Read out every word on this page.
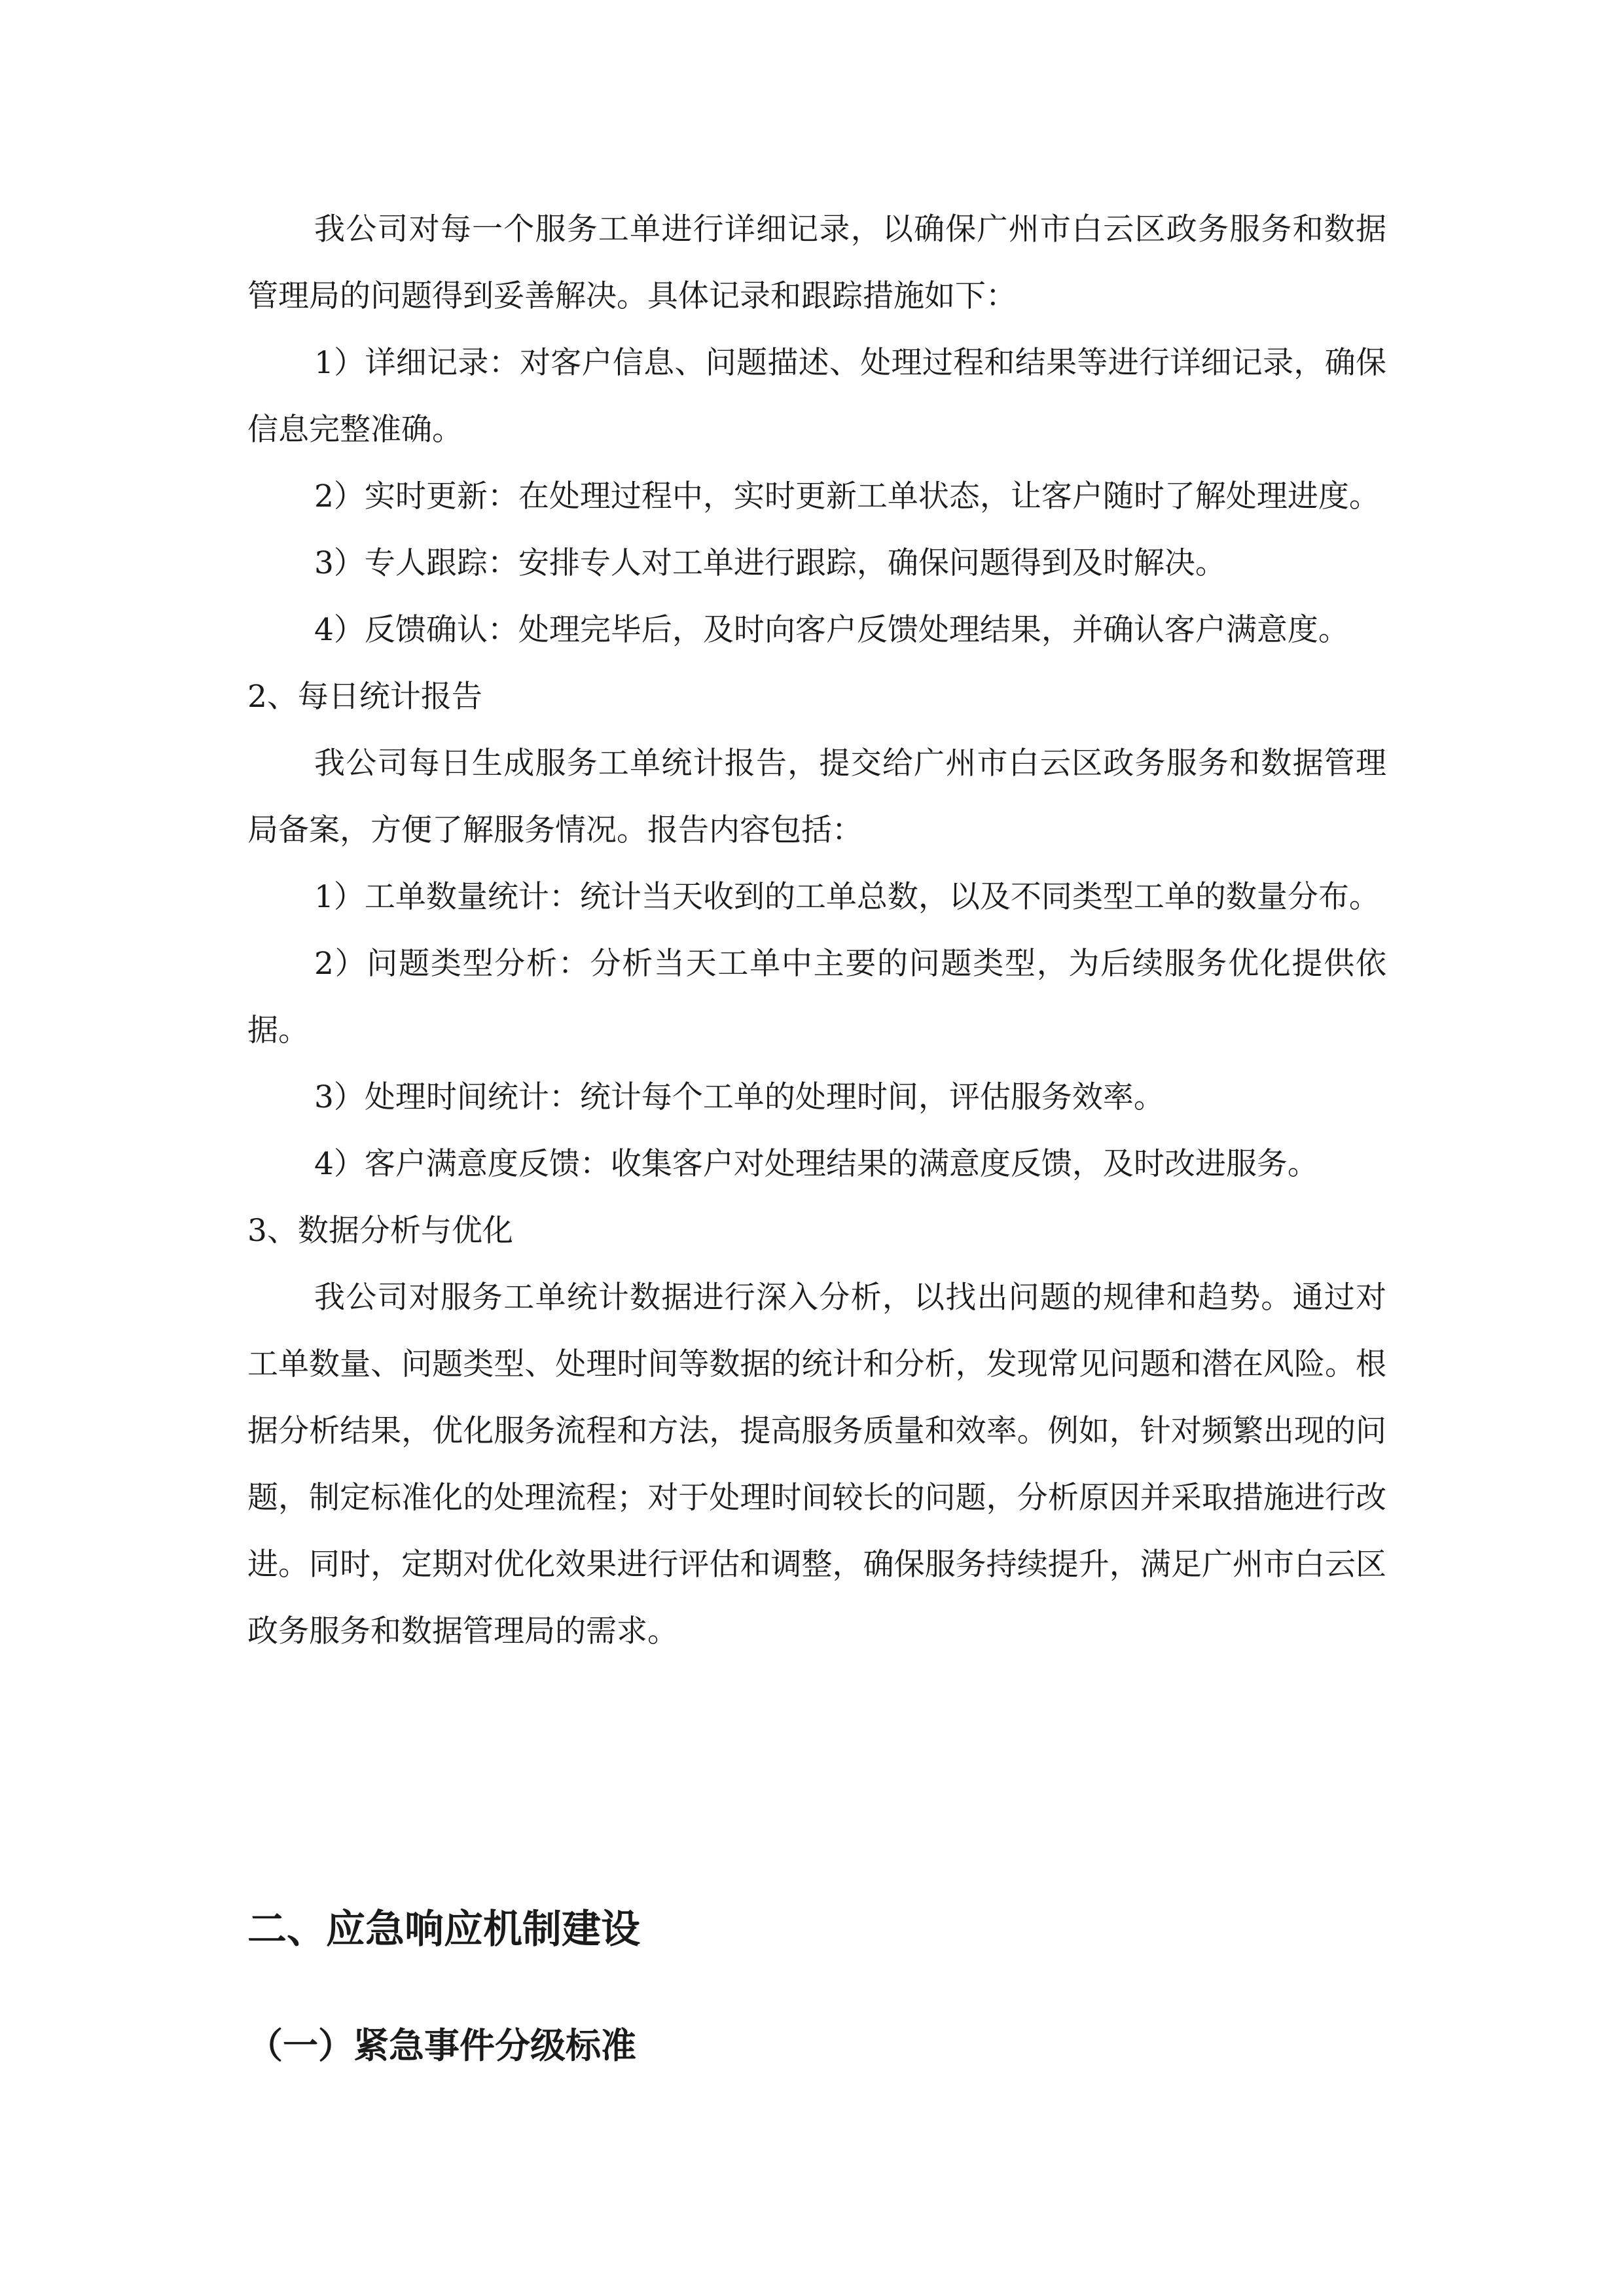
我公司对每一个服务工单进行详细记录，以确保广州市白云区政务服务和数据管理局的问题得到妥善解决。具体记录和跟踪措施如下：

1）详细记录：对客户信息、问题描述、处理过程和结果等进行详细记录，确保信息完整准确。

2）实时更新：在处理过程中，实时更新工单状态，让客户随时了解处理进度。

3）专人跟踪：安排专人对工单进行跟踪，确保问题得到及时解决。

4）反馈确认：处理完毕后，及时向客户反馈处理结果，并确认客户满意度。

2、每日统计报告

我公司每日生成服务工单统计报告，提交给广州市白云区政务服务和数据管理局备案，方便了解服务情况。报告内容包括：

1）工单数量统计：统计当天收到的工单总数，以及不同类型工单的数量分布。

2）问题类型分析：分析当天工单中主要的问题类型，为后续服务优化提供依据。

3）处理时间统计：统计每个工单的处理时间，评估服务效率。

4）客户满意度反馈：收集客户对处理结果的满意度反馈，及时改进服务。

3、数据分析与优化

我公司对服务工单统计数据进行深入分析，以找出问题的规律和趋势。通过对工单数量、问题类型、处理时间等数据的统计和分析，发现常见问题和潜在风险。根据分析结果，优化服务流程和方法，提高服务质量和效率。例如，针对频繁出现的问题，制定标准化的处理流程；对于处理时间较长的问题，分析原因并采取措施进行改进。同时，定期对优化效果进行评估和调整，确保服务持续提升，满足广州市白云区政务服务和数据管理局的需求。

二、应急响应机制建设
（一）紧急事件分级标准
